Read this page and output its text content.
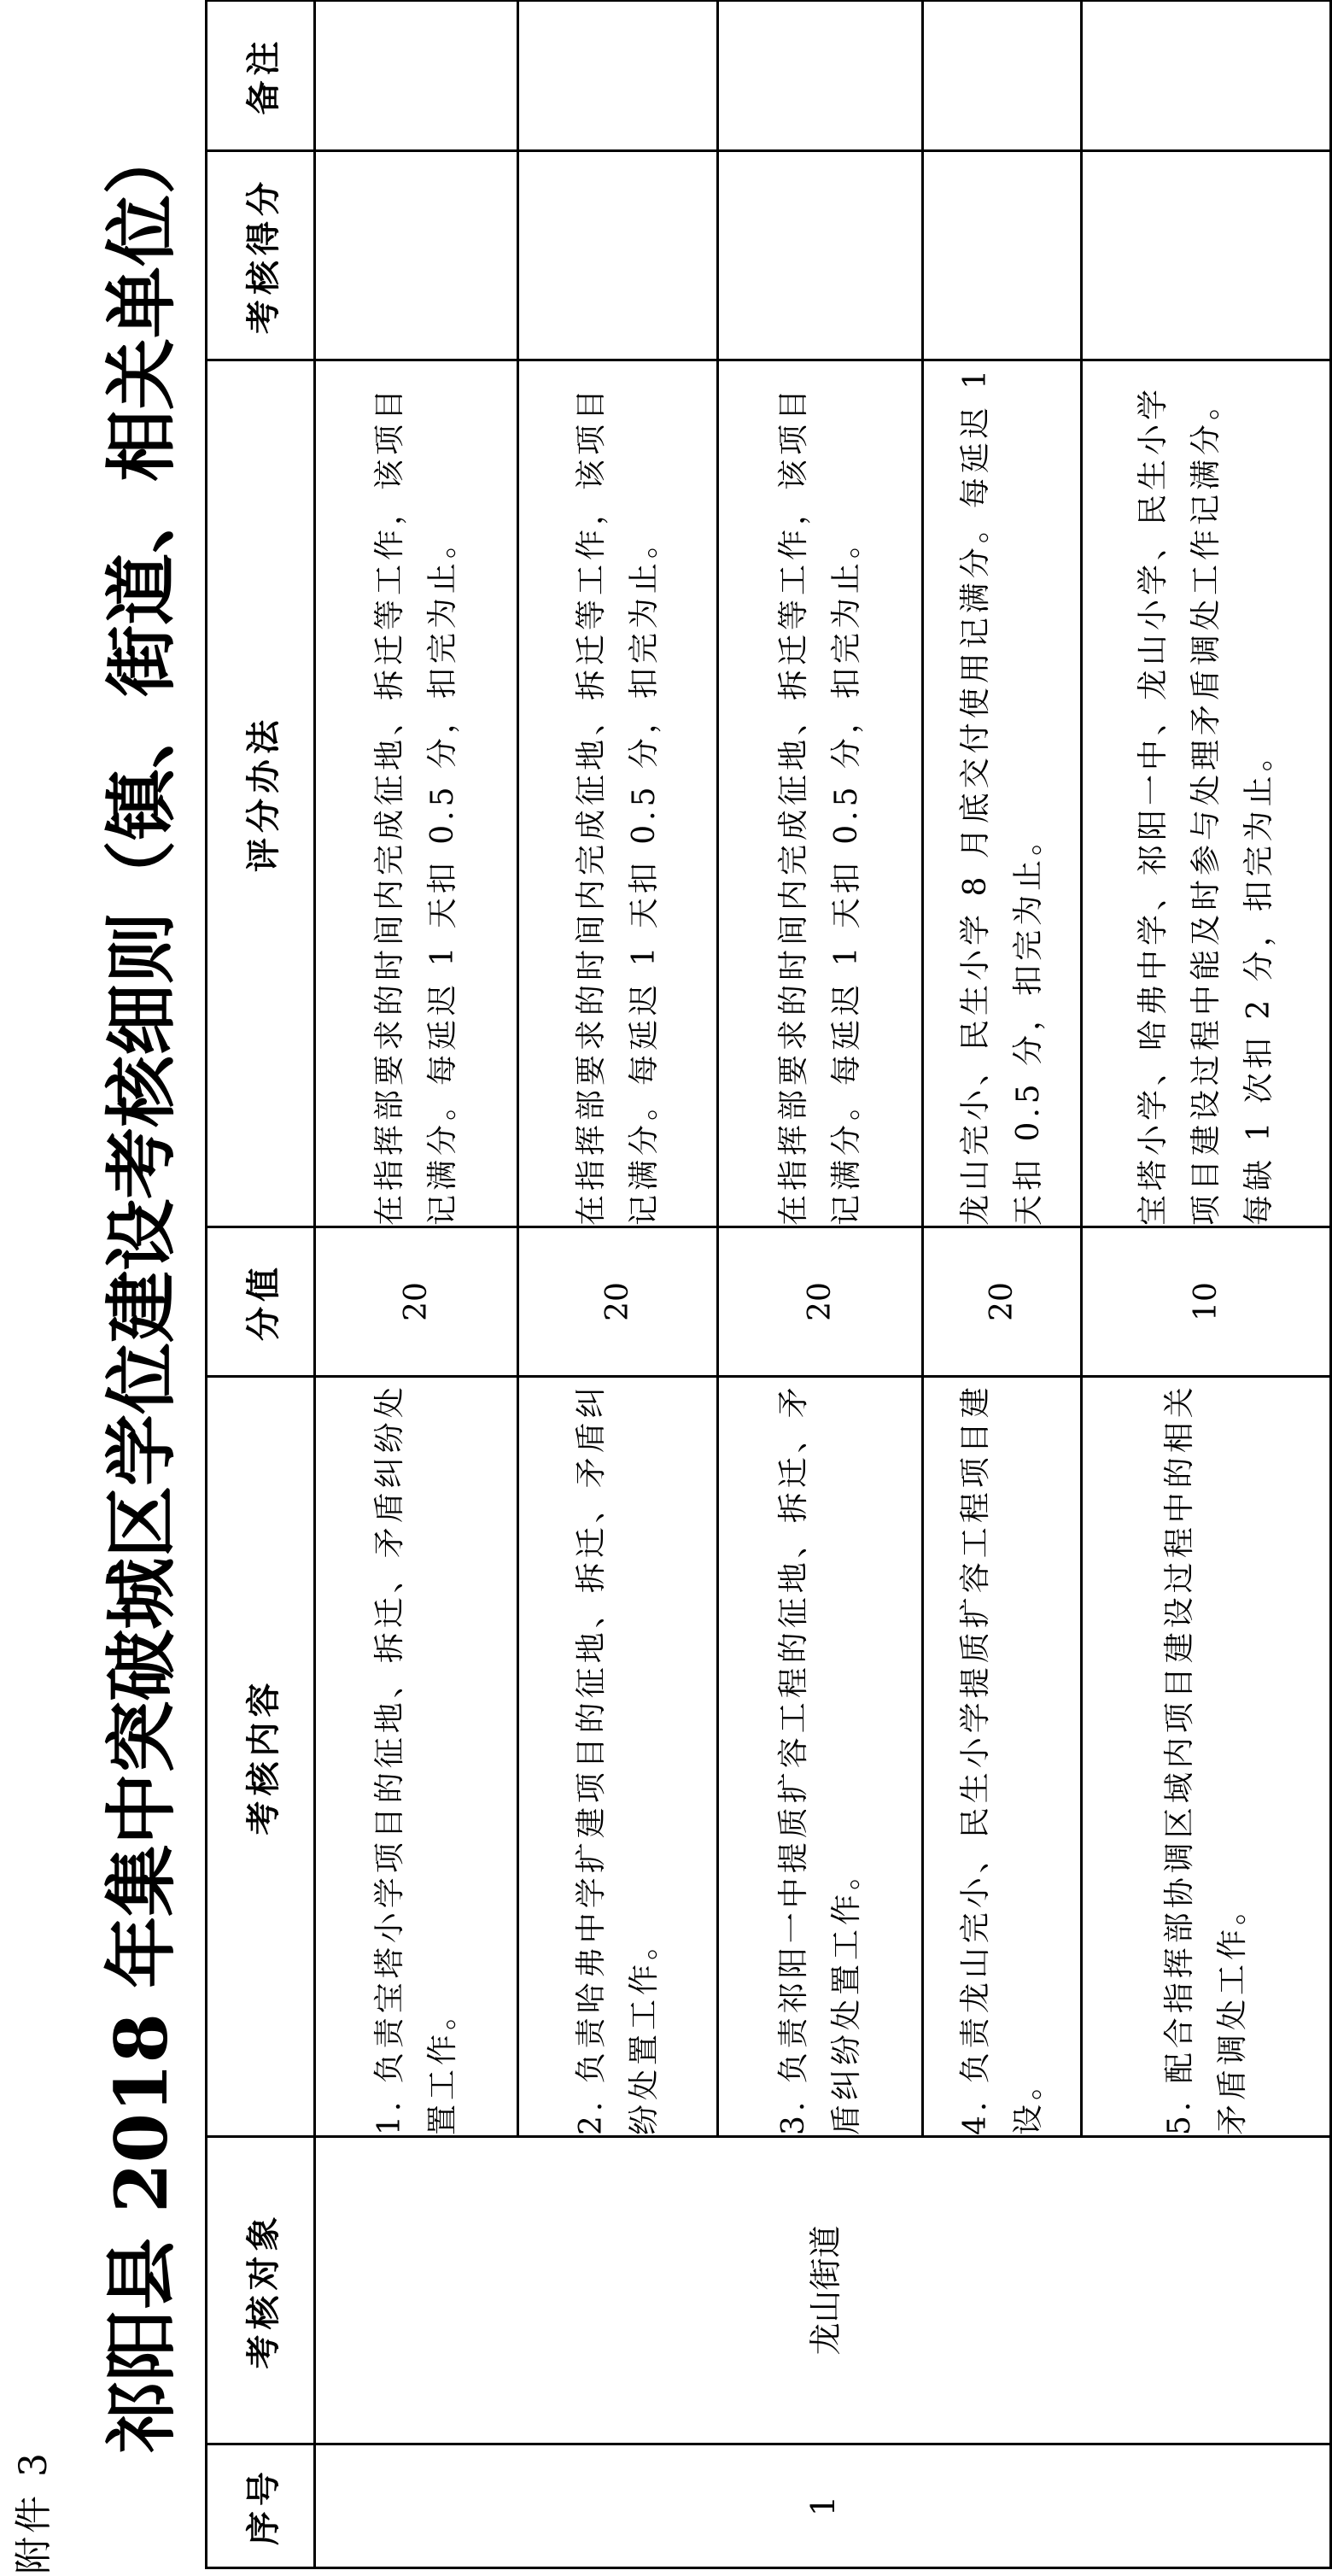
附件 3
祁阳县 2018 年集中突破城区学位建设考核细则（镇、街道、相关单位）
序号	考核对象	考核内容	分值	评分办法	考核得分	备注
1	龙山街道	1. 负责宝塔小学项目的征地、拆迁、矛盾纠纷处置工作。	20	在指挥部要求的时间内完成征地、拆迁等工作，该项目记满分。每延迟 1 天扣 0.5 分，扣完为止。		

		2. 负责哈弗中学扩建项目的征地、拆迁、矛盾纠纷处置工作。	20	在指挥部要求的时间内完成征地、拆迁等工作，该项目记满分。每延迟 1 天扣 0.5 分，扣完为止。		

		3. 负责祁阳一中提质扩容工程的征地、拆迁、矛盾纠纷处置工作。	20	在指挥部要求的时间内完成征地、拆迁等工作，该项目记满分。每延迟 1 天扣 0.5 分，扣完为止。		

		4. 负责龙山完小、民生小学提质扩容工程项目建设。	20	龙山完小、民生小学 8 月底交付使用记满分。每延迟 1 天扣 0.5 分，扣完为止。		

		5. 配合指挥部协调区域内项目建设过程中的相关矛盾调处工作。	10	宝塔小学、哈弗中学、祁阳一中、龙山小学、民生小学项目建设过程中能及时参与处理矛盾调处工作记满分。每缺 1 次扣 2 分，扣完为止。		
